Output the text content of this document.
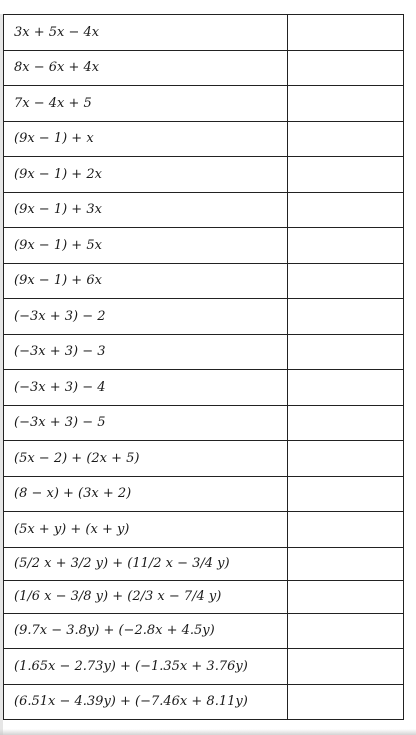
3x + 5x − 4x	
8x − 6x + 4x	
7x − 4x + 5	
(9x − 1) + x	
(9x − 1) + 2x	
(9x − 1) + 3x	
(9x − 1) + 5x	
(9x − 1) + 6x	
(−3x + 3) − 2	
(−3x + 3) − 3	
(−3x + 3) − 4	
(−3x + 3) − 5	
(5x − 2) + (2x + 5)	
(8 − x) + (3x + 2)	
(5x + y) + (x + y)	
(5/2 x + 3/2 y) + (11/2 x − 3/4 y)	
(1/6 x − 3/8 y) + (2/3 x − 7/4 y)	
(9.7x − 3.8y) + (−2.8x + 4.5y)	
(1.65x − 2.73y) + (−1.35x + 3.76y)	
(6.51x − 4.39y) + (−7.46x + 8.11y)	
